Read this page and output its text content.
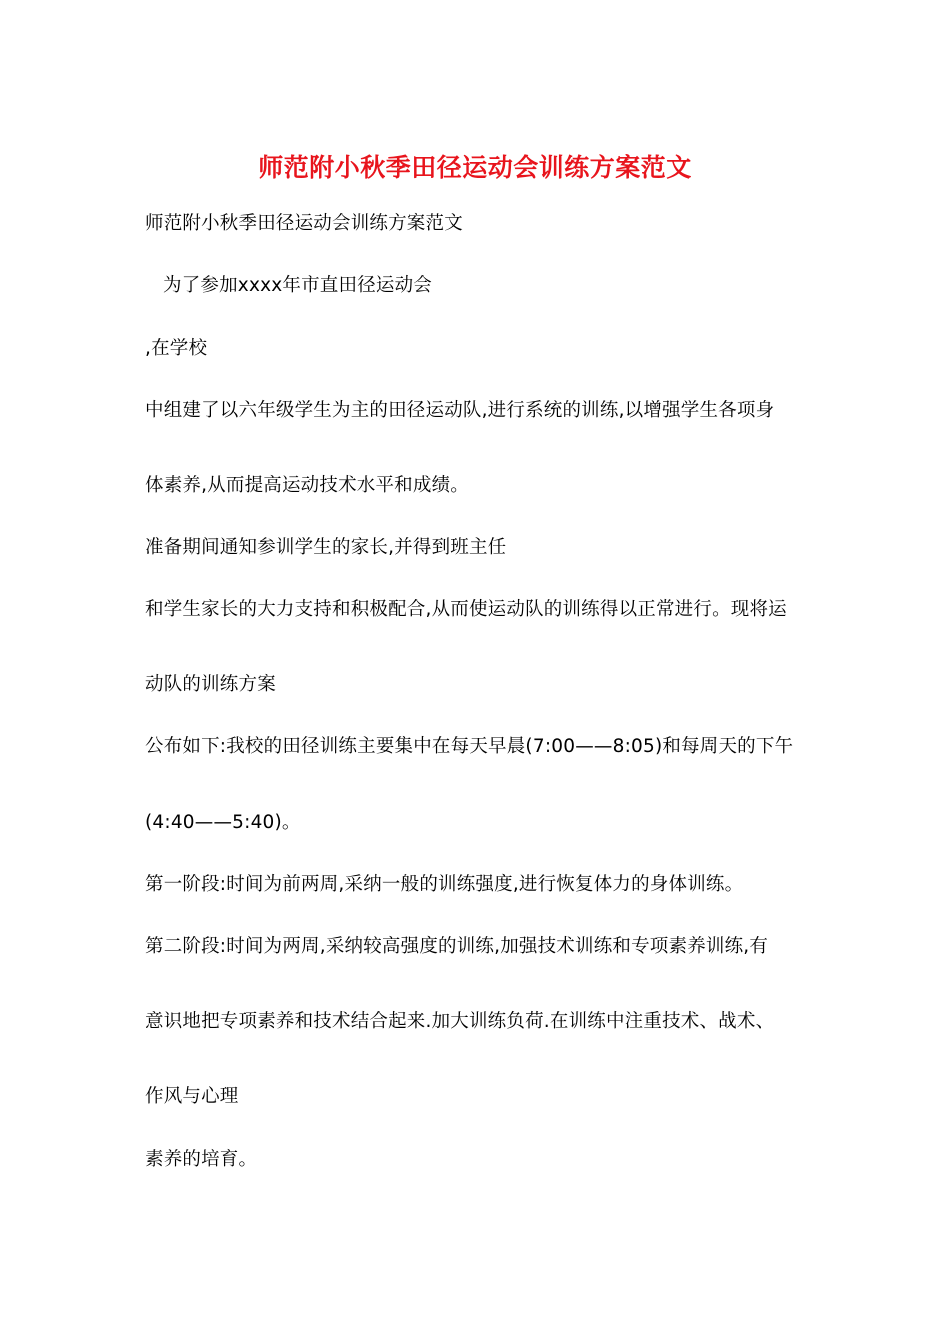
师范附小秋季田径运动会训练方案范文
师范附小秋季田径运动会训练方案范文
为了参加xxxx年市直田径运动会
,在学校
中组建了以六年级学生为主的田径运动队,进行系统的训练,以增强学生各项身
体素养,从而提高运动技术水平和成绩。
准备期间通知参训学生的家长,并得到班主任
和学生家长的大力支持和积极配合,从而使运动队的训练得以正常进行。现将运
动队的训练方案
公布如下:我校的田径训练主要集中在每天早晨(7:00——8:05)和每周天的下午
(4:40——5:40)。
第一阶段:时间为前两周,采纳一般的训练强度,进行恢复体力的身体训练。
第二阶段:时间为两周,采纳较高强度的训练,加强技术训练和专项素养训练,有
意识地把专项素养和技术结合起来.加大训练负荷.在训练中注重技术、战术、
作风与心理
素养的培育。
